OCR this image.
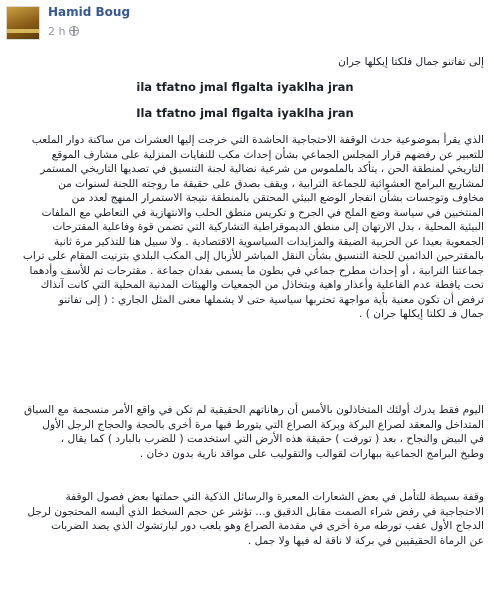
Hamid Boug
2 h

إلى تفاتنو جمال فلكتا إيكلها جران

ila tfatno jmal flgalta iyaklha jran

Ila tfatno jmal flgalta iyaklha jran

الذي يقرأ بموضوعية حدث الوقفة الاحتجاجية الحاشدة التي خرجت إليها العشرات من ساكنة دوار الملعب
للتعبير عن رفضهم قرار المجلس الجماعي بشأن إحداث مكب للنفايات المنزلية على مشارف الموقع
التاريخي لمنطقة الحن ، يتأكد بالملموس من شرعية نضالية لجنة التنسيق في تصديها التاريخي المستمر
لمشاريع البرامج العشوائية للجماعة الترابية ، ويقف بصدق على حقيقة ما روجته اللجنة لسنوات من
مخاوف وتوجسات بشأن انفجار الوضع البيئي المحتقن بالمنطقة نتيجة الاستمرار المنهج لعدد من
المنتخبين في سياسة وضع الملح في الجرح و تكريس منطق الحلب والانتهازية في التعاطي مع الملفات
البيئية المحلية ، بدل الارتهان إلى منطق الديموقراطية التشاركية التي تضمن قوة وفاعلية المقترحات
الجمعوية بعيدا عن الحزبية الضيقة والمزايدات السياسوية الاقتصادية . ولا سبيل هنا للتذكير مرة ثانية
بالمقترحين الدائمين للجنة التنسيق بشأن النقل المباشر للأزبال إلى المكب البلدي بتزنيت المقام على تراب
جماعتنا الترابية ، أو إحداث مطرح جماعي في بطون ما يسمى بفدان جماعة . مقترحات تم للأسف وأدهما
تحت يافطة عدم الفاعلية وأعذار واهية وبتخاذل من الجمعيات والهيئات المدنية المحلية التي كانت آنذاك
ترفض أن تكون معنية بأية مواجهة تحتربها سياسية حتى لا يشملها معنى المثل الجاري : ( إلى تفاتنو
جمال فـ لكلتا إيكلها جران ) .

اليوم فقط يدرك أولئك المتخاذلون بالأمس أن رهاناتهم الحقيقية لم تكن في واقع الأمر منسجمة مع السياق
المتداخل والمعقد لصراع البركة وبركة الصراع التي يتورط فيها مرة أخرى بالحجة والحجاج الرجل الأول
في البيض والنجاح ، بعد ( تورفت ) حقيقة هذه الأرض التي استخدمت ( للضرب بالبارد ) كما يقال ،
وطبخ البرامج الجماعية ببهارات لقوالب والتقوليب على مواقد نارية بدون دخان .

وقفة بسيطة للتأمل في بعض الشعارات المعبرة والرسائل الذكية التي حملتها بعض فصول الوقفة
الاحتجاجية في رفض شراء الصمت مقابل الدقيق و... تؤشر عن حجم السخط الذي ألبسه المحتجون لرجل
الدجاج الأول عقب تورطه مرة أخرى في مقدمة الصراع وهو يلعب دور لبارتشوك الذي يصد الضربات
عن الرماة الحقيقيين في بركة لا ناقة له فيها ولا جمل .
